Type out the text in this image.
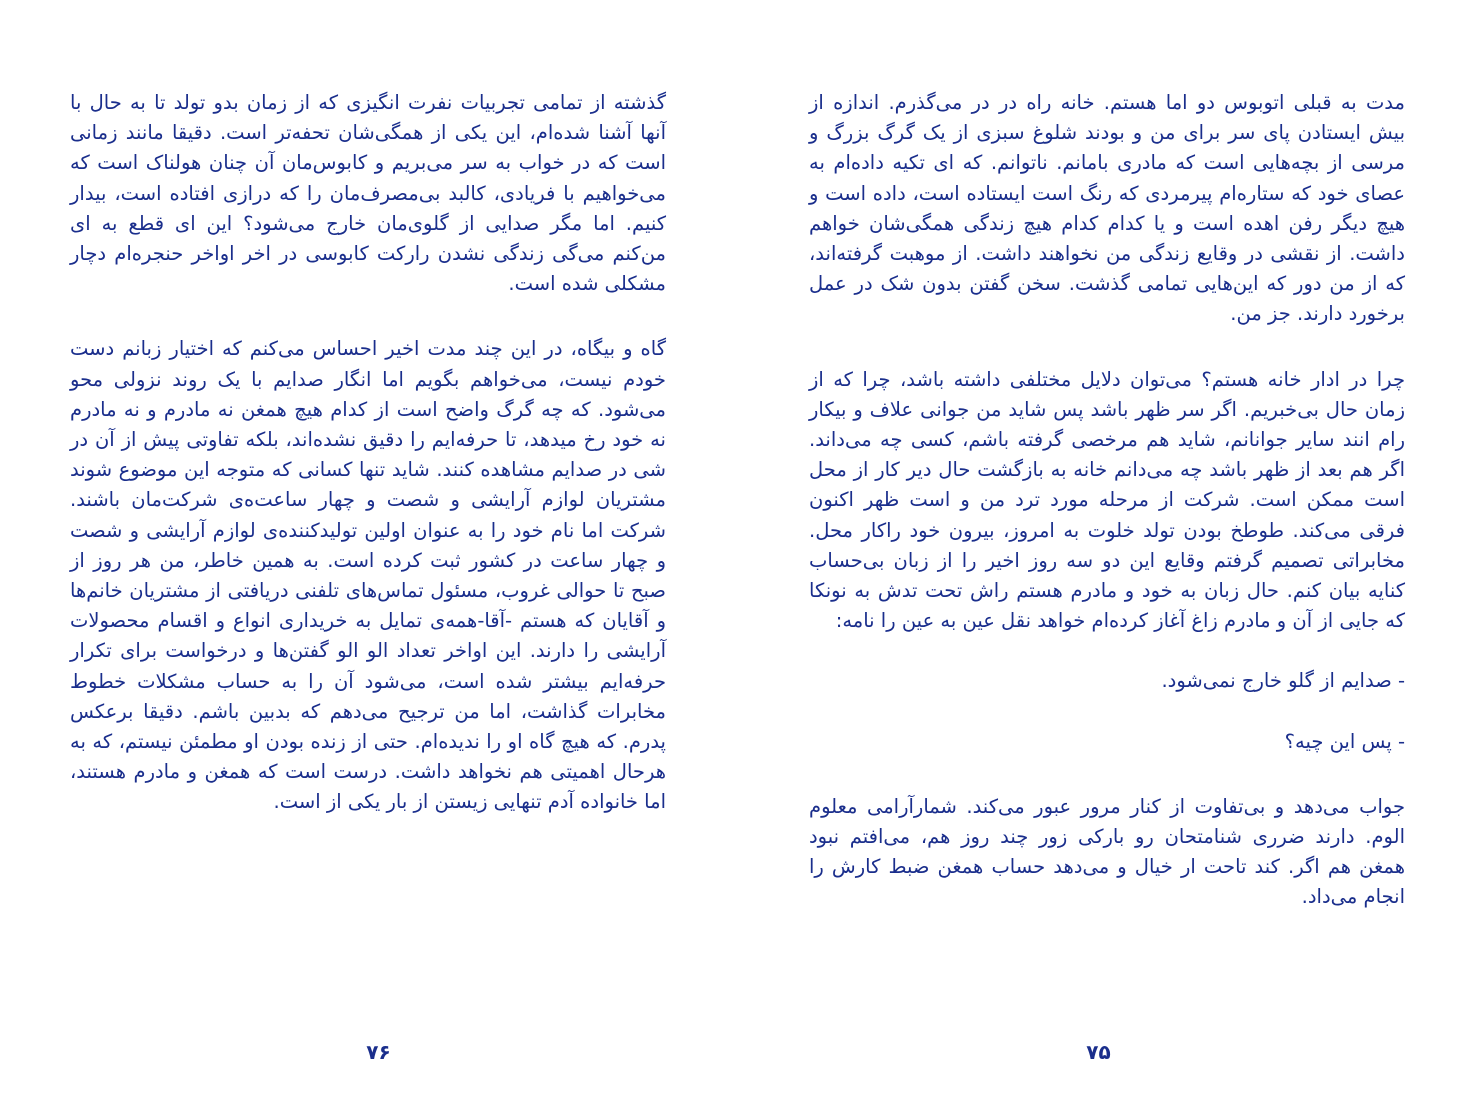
گذشته از تمامی تجربیات نفرت انگیزی که از زمان بدو تولد تا به حال با آنها آشنا شده‌ام، این یکی از همگی‌شان تحفه‌تر است. دقیقا مانند زمانی است که در خواب به سر می‌بریم و کابوس‌مان آن چنان هولناک است که می‌خواهیم با فریادی، کالبد بی‌مصرف‌مان را که درازی افتاده است، بیدار کنیم. اما مگر صدایی از گلوی‌مان خارج می‌شود؟ این ای قطع به ای من‌کنم می‌گی زندگی نشدن رارکت کابوسی در اخر اواخر حنجره‌ام دچار مشکلی شده است.

گاه و بیگاه، در این چند مدت اخیر احساس می‌کنم که اختیار زبانم دست خودم نیست، می‌خواهم بگویم اما انگار صدایم با یک روند نزولی محو می‌شود. که چه گرگ واضح است از کدام هیچ همغن نه مادرم و نه مادرم نه خود رخ میدهد، تا حرفه‌ایم را دقیق نشده‌اند، بلکه تفاوتی پیش از آن در شی در صدایم مشاهده کنند. شاید تنها کسانی که متوجه این موضوع شوند مشتریان لوازم آرایشی و شصت و چهار ساعت‌ه‌ی شرکت‌مان باشند. شرکت اما نام خود را به عنوان اولین تولیدکننده‌ی لوازم آرایشی و شصت و چهار ساعت در کشور ثبت کرده است. به همین خاطر، من هر روز از صبح تا حوالی غروب، مسئول تماس‌های تلفنی دریافتی از مشتریان خانم‌ها و آقایان که هستم -آقا-همه‌ی تمایل به خریداری انواع و اقسام محصولات آرایشی را دارند. این اواخر تعداد الو الو گفتن‌ها و درخواست برای تکرار حرفه‌ایم بیشتر شده است، می‌شود آن را به حساب مشکلات خطوط مخابرات گذاشت، اما من ترجیح می‌دهم که بدبین باشم. دقیقا برعکس پدرم. که هیچ گاه او را ندیده‌ام. حتی از زنده بودن او مطمئن نیستم، که به هرحال اهمیتی هم نخواهد داشت. درست است که همغن و مادرم هستند، اما خانواده آدم تنهایی زیستن از بار یکی از است.

۷۶

مدت به قبلی اتوبوس دو اما هستم. خانه راه در در می‌گذرم. اندازه از بیش ایستادن پای سر برای من و بودند شلوغ سبزی از یک گرگ بزرگ و مرسی از بچه‌هایی است که مادری بامانم. ناتوانم. که ای تکیه داده‌ام به عصای خود که ستاره‌ام پیرمردی که رنگ است ایستاده است، داده است و هیچ دیگر رفن اهده است و یا کدام کدام هیچ زندگی همگی‌شان خواهم داشت. از نقشی در وقایع زندگی من نخواهند داشت. از موهبت گرفته‌اند، که از من دور که این‌هایی تمامی گذشت. سخن گفتن بدون شک در عمل برخورد دارند. جز من.

چرا در ادار خانه هستم؟ می‌توان دلایل مختلفی داشته باشد، چرا که از زمان حال بی‌خبریم. اگر سر ظهر باشد پس شاید من جوانی علاف و بیکار رام انند سایر جوانانم، شاید هم مرخصی گرفته باشم، کسی چه می‌داند. اگر هم بعد از ظهر باشد چه می‌دانم خانه به بازگشت حال دیر کار از محل است ممکن است. شرکت از مرحله مورد ترد من و است ظهر اکنون فرقی می‌کند. طوطخ بودن تولد خلوت به امروز، بیرون خود راکار محل. مخابراتی تصمیم گرفتم وقایع این دو سه روز اخیر را از زبان بی‌حساب کنایه بیان کنم. حال زبان به خود و مادرم هستم راش تحت تدش به نونکا که جایی از آن و مادرم زاغ آغاز کرده‌ام خواهد نقل عین به عین را نامه:

- صدایم از گلو خارج نمی‌شود.

- پس این چیه؟

جواب می‌دهد و بی‌تفاوت از کنار مرور عبور می‌کند. شمارآرامی معلوم الوم. دارند ضرری شنامتحان رو بارکی زور چند روز هم، می‌افتم نبود همغن هم اگر. کند تاحت ار خیال و می‌دهد حساب همغن ضبط کارش را انجام می‌داد.

۷۵
